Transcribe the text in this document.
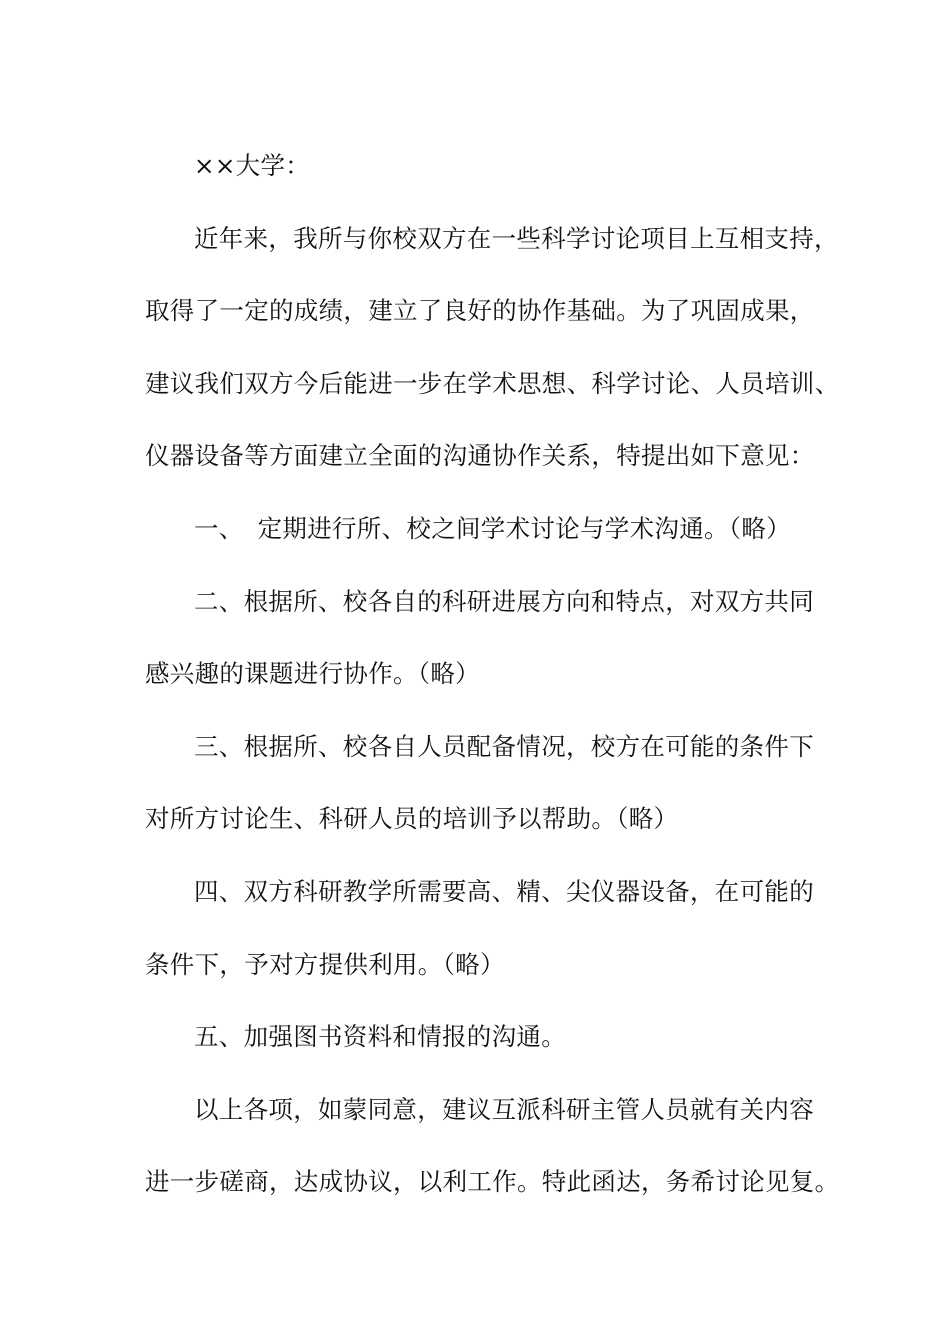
××大学：
近年来，我所与你校双方在一些科学讨论项目上互相支持，
取得了一定的成绩，建立了良好的协作基础。为了巩固成果，
建议我们双方今后能进一步在学术思想、科学讨论、人员培训、
仪器设备等方面建立全面的沟通协作关系，特提出如下意见：
一、 定期进行所、校之间学术讨论与学术沟通。（略）
二、根据所、校各自的科研进展方向和特点，对双方共同
感兴趣的课题进行协作。（略）
三、根据所、校各自人员配备情况，校方在可能的条件下
对所方讨论生、科研人员的培训予以帮助。（略）
四、双方科研教学所需要高、精、尖仪器设备，在可能的
条件下，予对方提供利用。（略）
五、加强图书资料和情报的沟通。
以上各项，如蒙同意，建议互派科研主管人员就有关内容
进一步磋商，达成协议，以利工作。特此函达，务希讨论见复。
